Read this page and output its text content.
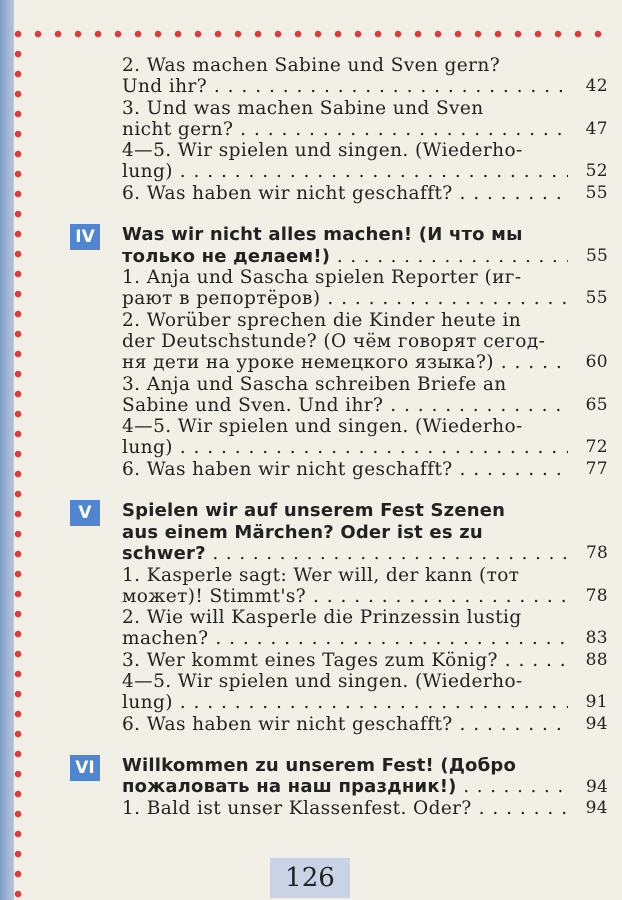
2. Was machen Sabine und Sven gern?
Und ihr? . . .	42
3. Und was machen Sabine und Sven
nicht gern? . . .	47
4—5. Wir spielen und singen. (Wiederho-
lung) . . .	52
6. Was haben wir nicht geschafft? . . .	55
IV Was wir nicht alles machen! (И что мы
только не делаем!) . . .	55
1. Anja und Sascha spielen Reporter (иг-
рают в репортёров) . . .	55
2. Worüber sprechen die Kinder heute in
der Deutschstunde? (О чём говорят сегод-
ня дети на уроке немецкого языка?) . . .	60
3. Anja und Sascha schreiben Briefe an
Sabine und Sven. Und ihr? . . .	65
4—5. Wir spielen und singen. (Wiederho-
lung) . . .	72
6. Was haben wir nicht geschafft? . . .	77
V	Spielen wir auf unserem Fest Szenen
aus einem Märchen? Oder ist es zu
schwer? . . .	78
1. Kasperle sagt: Wer will, der kann (тот
может)! Stimmt's? . . .	78
2. Wie will Kasperle die Prinzessin lustig
machen? . . .	83
3. Wer kommt eines Tages zum König? . . .	88
4—5. Wir spielen und singen. (Wiederho-
lung) . . .	91
6. Was haben wir nicht geschafft? . . .	94
VI Willkommen zu unserem Fest! (Добро
пожаловать на наш праздник!) . . .	94
1. Bald ist unser Klassenfest. Oder? . . .	94
126
